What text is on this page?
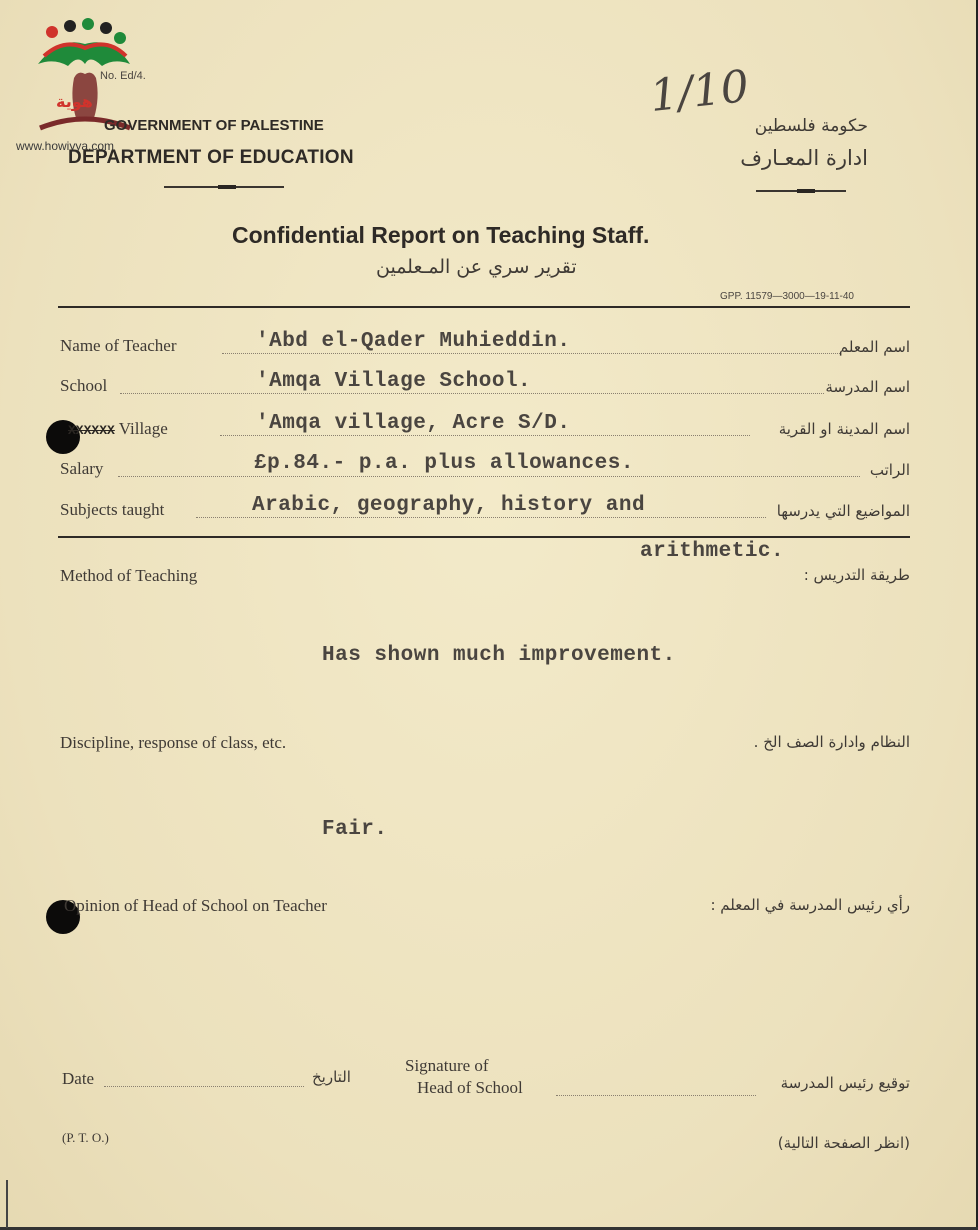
هوية
www.howiyya.com
No. Ed/4.
GOVERNMENT OF PALESTINE
DEPARTMENT OF EDUCATION
1/10
حكومة فلسطين
ادارة المعـارف
Confidential Report on Teaching Staff.
تقرير سري عن المـعلمين
GPP. 11579—3000—19-11-40
Name of Teacher	'Abd el-Qader Muhieddin.	اسم المعلم
School	'Amqa Village School.	اسم المدرسة
XXXXXX Village	'Amqa village, Acre S/D.	اسم المدينة او القرية
Salary	£p.84.- p.a. plus allowances.	الراتب
Subjects taught	Arabic, geography, history and	المواضيع التي يدرسها
arithmetic.
Method of Teaching	طريقة التدريس :
Has shown much improvement.
Discipline, response of class, etc.	النظام وادارة الصف الخ .
Fair.
Opinion of Head of School on Teacher	رأي رئيس المدرسة في المعلم :
Date	التاريخ
Signature of
Head of School	توقيع رئيس المدرسة
(P. T. O.)	(انظر الصفحة التالية)
